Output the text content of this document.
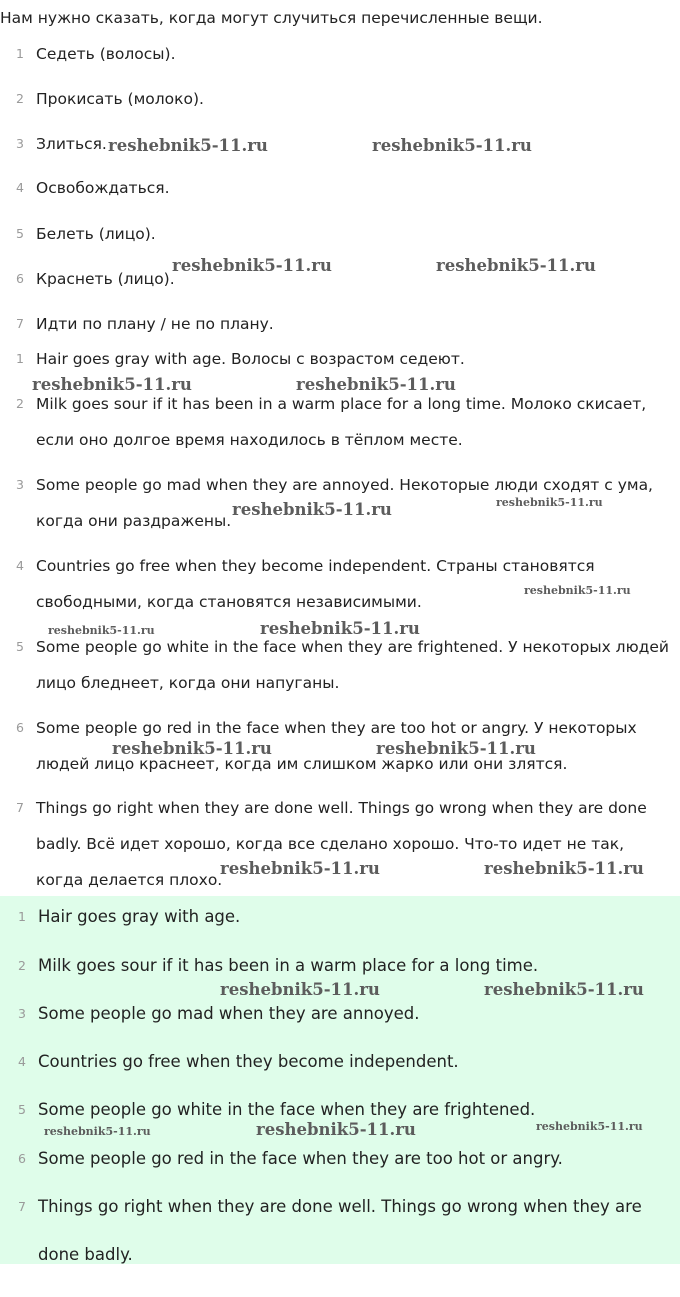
Нам нужно сказать, когда могут случиться перечисленные вещи.
1 Седеть (волосы).
2 Прокисать (молоко).
3 Злиться.
4 Освобождаться.
5 Белеть (лицо).
6 Краснеть (лицо).
7 Идти по плану / не по плану.
1 Hair goes gray with age. Волосы с возрастом седеют.
2 Milk goes sour if it has been in a warm place for a long time. Молоко скисает, если оно долгое время находилось в тёплом месте.
3 Some people go mad when they are annoyed. Некоторые люди сходят с ума, когда они раздражены.
4 Countries go free when they become independent. Страны становятся свободными, когда становятся независимыми.
5 Some people go white in the face when they are frightened. У некоторых людей лицо бледнеет, когда они напуганы.
6 Some people go red in the face when they are too hot or angry. У некоторых людей лицо краснеет, когда им слишком жарко или они злятся.
7 Things go right when they are done well. Things go wrong when they are done badly. Всё идет хорошо, когда все сделано хорошо. Что-то идет не так, когда делается плохо.
1 Hair goes gray with age.
2 Milk goes sour if it has been in a warm place for a long time.
3 Some people go mad when they are annoyed.
4 Countries go free when they become independent.
5 Some people go white in the face when they are frightened.
6 Some people go red in the face when they are too hot or angry.
7 Things go right when they are done well. Things go wrong when they are done badly.
reshebnik5-11.ru	reshebnik5-11.ru
reshebnik5-11.ru	reshebnik5-11.ru
reshebnik5-11.ru	reshebnik5-11.ru
reshebnik5-11.ru	reshebnik5-11.ru
reshebnik5-11.ru
reshebnik5-11.ru	reshebnik5-11.ru
reshebnik5-11.ru	reshebnik5-11.ru
reshebnik5-11.ru	reshebnik5-11.ru
reshebnik5-11.ru	reshebnik5-11.ru
reshebnik5-11.ru	reshebnik5-11.ru	reshebnik5-11.ru
